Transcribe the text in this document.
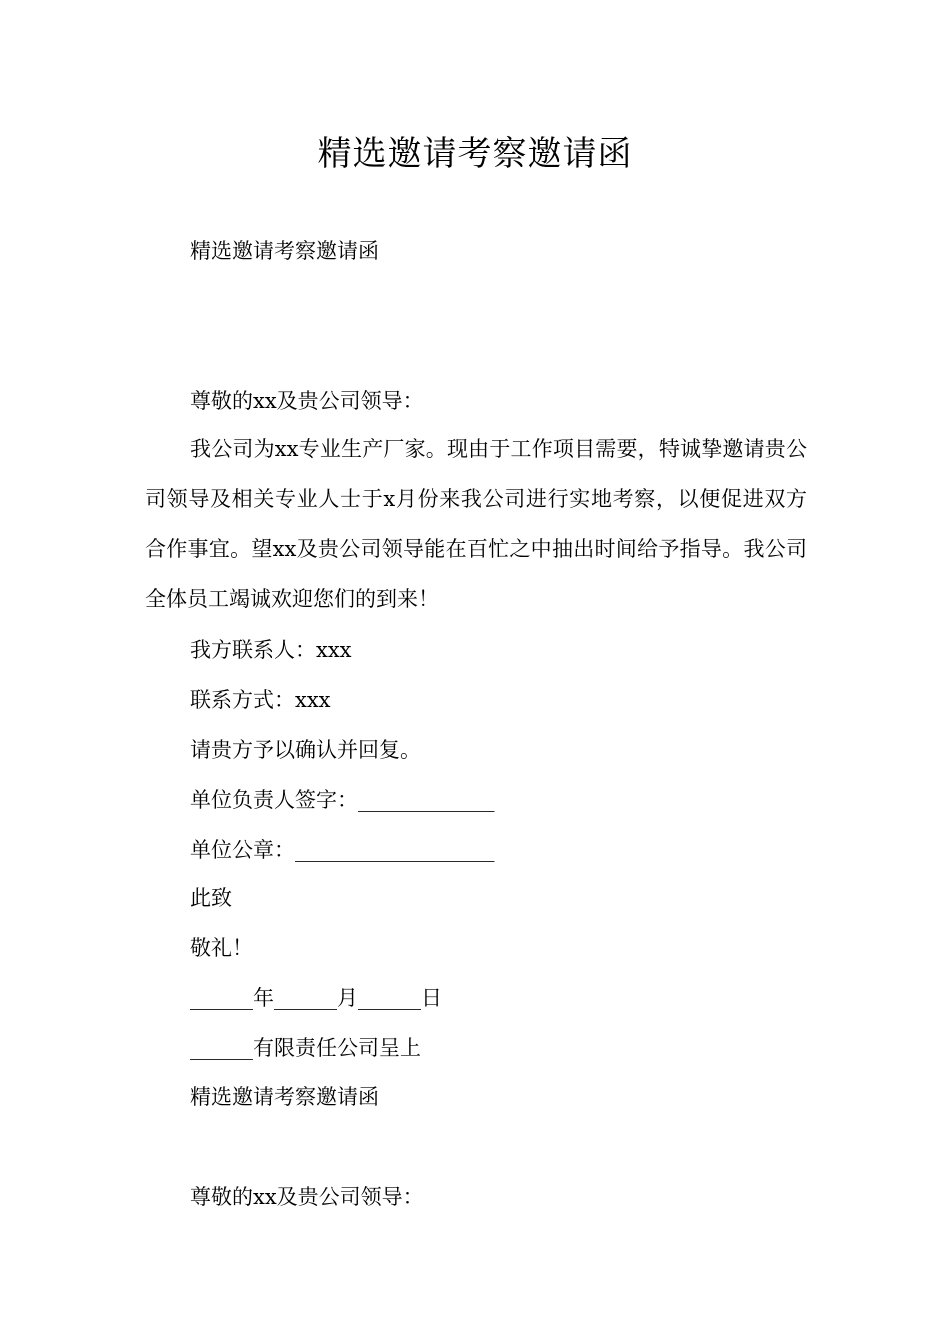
精选邀请考察邀请函
精选邀请考察邀请函
尊敬的xx及贵公司领导：
我公司为xx专业生产厂家。现由于工作项目需要，特诚挚邀请贵公司领导及相关专业人士于x月份来我公司进行实地考察，以便促进双方合作事宜。望xx及贵公司领导能在百忙之中抽出时间给予指导。我公司全体员工竭诚欢迎您们的到来！
我方联系人：xxx
联系方式：xxx
请贵方予以确认并回复。
单位负责人签字：_____________
单位公章：___________________
此致
敬礼！
______年______月______日
______有限责任公司呈上
精选邀请考察邀请函
尊敬的xx及贵公司领导：
